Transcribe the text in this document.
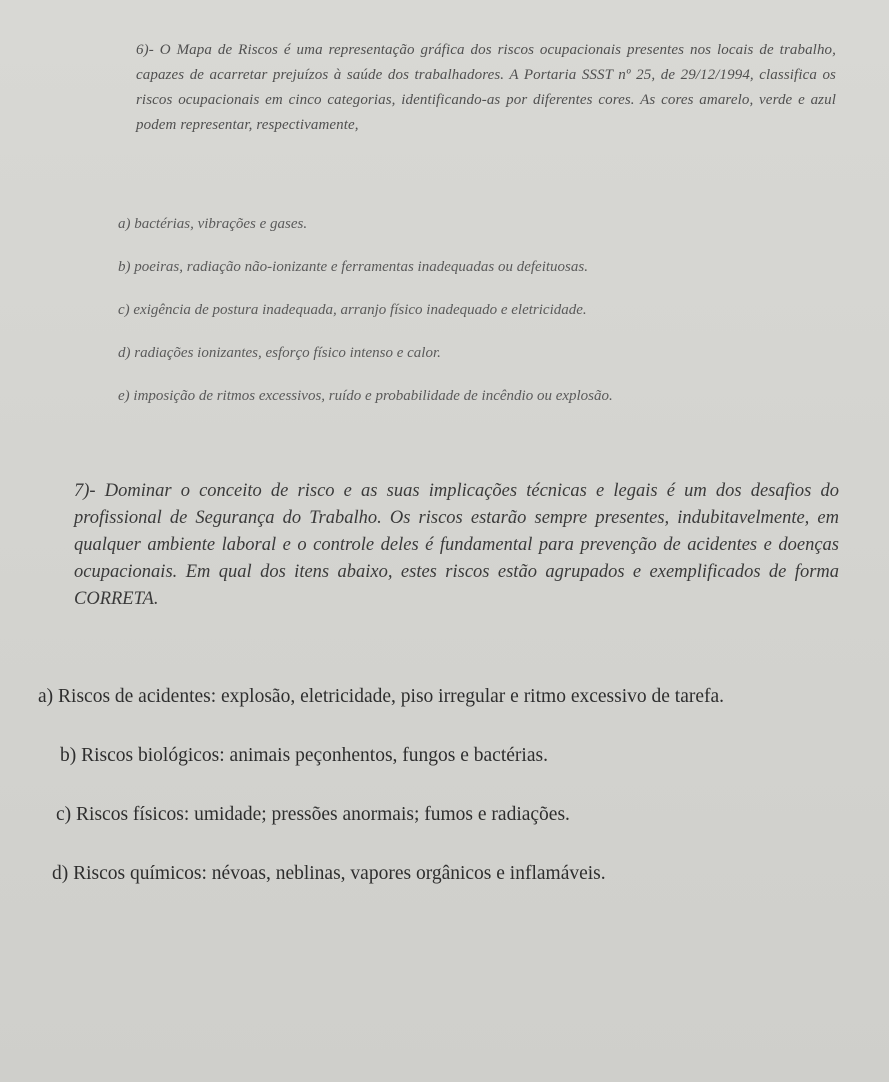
6)- O Mapa de Riscos é uma representação gráfica dos riscos ocupacionais presentes nos locais de trabalho, capazes de acarretar prejuízos à saúde dos trabalhadores. A Portaria SSST nº 25, de 29/12/1994, classifica os riscos ocupacionais em cinco categorias, identificando-as por diferentes cores. As cores amarelo, verde e azul podem representar, respectivamente,
a) bactérias, vibrações e gases.
b) poeiras, radiação não-ionizante e ferramentas inadequadas ou defeituosas.
c) exigência de postura inadequada, arranjo físico inadequado e eletricidade.
d) radiações ionizantes, esforço físico intenso e calor.
e) imposição de ritmos excessivos, ruído e probabilidade de incêndio ou explosão.
7)- Dominar o conceito de risco e as suas implicações técnicas e legais é um dos desafios do profissional de Segurança do Trabalho. Os riscos estarão sempre presentes, indubitavelmente, em qualquer ambiente laboral e o controle deles é fundamental para prevenção de acidentes e doenças ocupacionais. Em qual dos itens abaixo, estes riscos estão agrupados e exemplificados de forma CORRETA.
a) Riscos de acidentes: explosão, eletricidade, piso irregular e ritmo excessivo de tarefa.
b) Riscos biológicos: animais peçonhentos, fungos e bactérias.
c) Riscos físicos: umidade; pressões anormais; fumos e radiações.
d) Riscos químicos: névoas, neblinas, vapores orgânicos e inflamáveis.
